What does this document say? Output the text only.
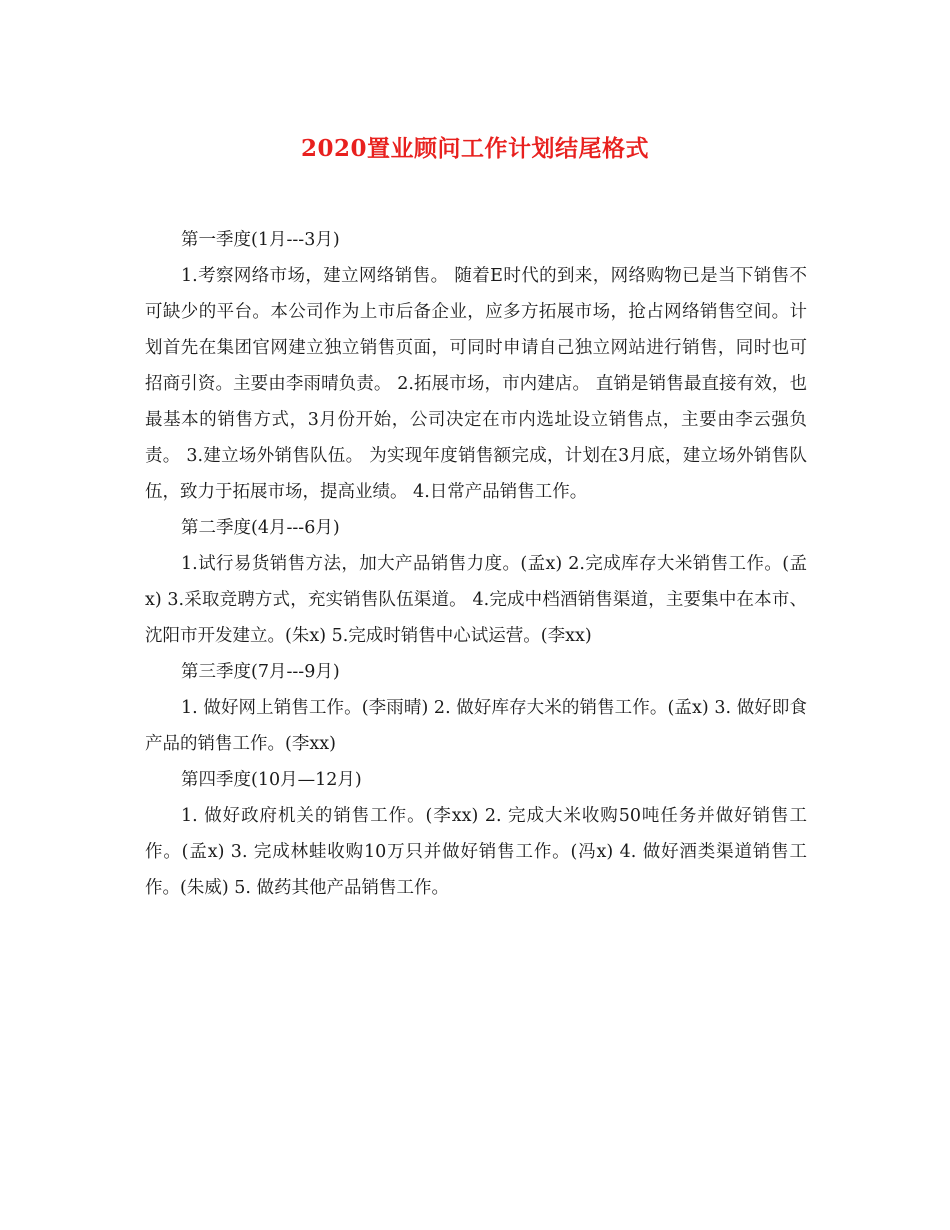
2020置业顾问工作计划结尾格式

第一季度(1月---3月)

1.考察网络市场，建立网络销售。 随着E时代的到来，网络购物已是当下销售不可缺少的平台。本公司作为上市后备企业，应多方拓展市场，抢占网络销售空间。计划首先在集团官网建立独立销售页面，可同时申请自己独立网站进行销售，同时也可招商引资。主要由李雨晴负责。 2.拓展市场，市内建店。 直销是销售最直接有效，也最基本的销售方式，3月份开始，公司决定在市内选址设立销售点，主要由李云强负责。 3.建立场外销售队伍。 为实现年度销售额完成，计划在3月底，建立场外销售队伍，致力于拓展市场，提高业绩。 4.日常产品销售工作。

第二季度(4月---6月)

1.试行易货销售方法，加大产品销售力度。(孟x) 2.完成库存大米销售工作。(孟x) 3.采取竞聘方式，充实销售队伍渠道。 4.完成中档酒销售渠道，主要集中在本市、沈阳市开发建立。(朱x) 5.完成时销售中心试运营。(李xx)

第三季度(7月---9月)

1. 做好网上销售工作。(李雨晴) 2. 做好库存大米的销售工作。(孟x) 3. 做好即食产品的销售工作。(李xx)

第四季度(10月—12月)

1. 做好政府机关的销售工作。(李xx) 2. 完成大米收购50吨任务并做好销售工作。(孟x) 3. 完成林蛙收购10万只并做好销售工作。(冯x) 4. 做好酒类渠道销售工作。(朱威) 5. 做药其他产品销售工作。
